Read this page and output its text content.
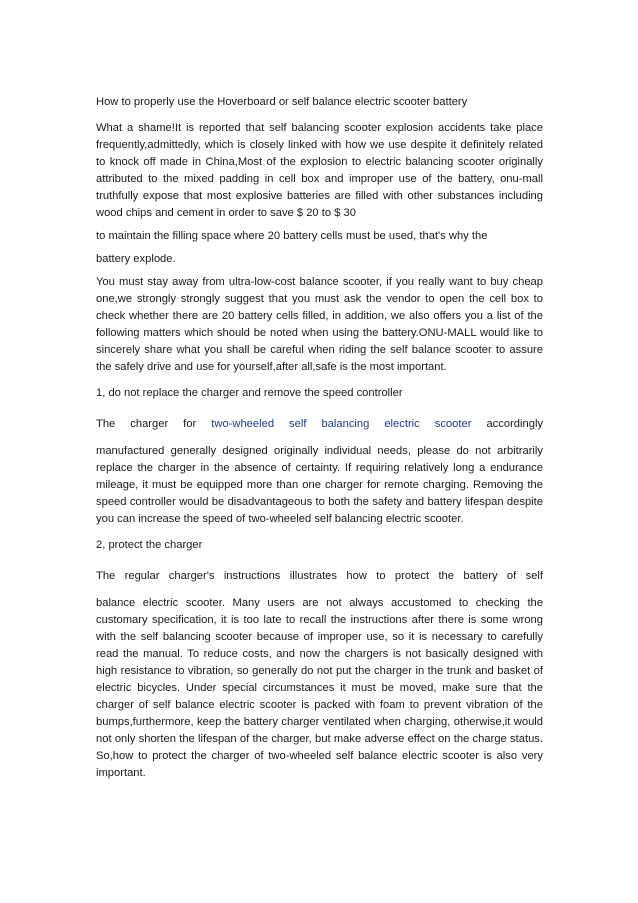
How to properly use the Hoverboard or self balance electric scooter battery

What a shame!It is reported that self balancing scooter explosion accidents take place frequently,admittedly, which is closely linked with how we use despite it definitely related to knock off made in China,Most of the explosion to electric balancing scooter originally attributed to the mixed padding in cell box and improper use of the battery, onu-mall truthfully expose that most explosive batteries are filled with other substances including wood chips and cement in order to save $ 20 to $ 30

to maintain the filling space where 20 battery cells must be used, that's why the

battery explode.

You must stay away from ultra-low-cost balance scooter, if you really want to buy cheap one,we strongly strongly suggest that you must ask the vendor to open the cell box to check whether there are 20 battery cells filled, in addition, we also offers you a list of the following matters which should be noted when using the battery.ONU-MALL would like to sincerely share what you shall be careful when riding the self balance scooter to assure the safely drive and use for yourself,after all,safe is the most important.

1, do not replace the charger and remove the speed controller

The charger for two-wheeled self balancing electric scooter accordingly

manufactured generally designed originally individual needs, please do not arbitrarily replace the charger in the absence of certainty. If requiring relatively long a endurance mileage, it must be equipped more than one charger for remote charging. Removing the speed controller would be disadvantageous to both the safety and battery lifespan despite you can increase the speed of two-wheeled self balancing electric scooter.

2, protect the charger

The regular charger's instructions illustrates how to protect the battery of self

balance electric scooter. Many users are not always accustomed to checking the customary specification, it is too late to recall the instructions after there is some wrong with the self balancing scooter because of improper use, so it is necessary to carefully read the manual. To reduce costs, and now the chargers is not basically designed with high resistance to vibration, so generally do not put the charger in the trunk and basket of electric bicycles. Under special circumstances it must be moved, make sure that the charger of self balance electric scooter is packed with foam to prevent vibration of the bumps,furthermore, keep the battery charger ventilated when charging, otherwise,it would not only shorten the lifespan of the charger, but make adverse effect on the charge status. So,how to protect the charger of two-wheeled self balance electric scooter is also very important.
